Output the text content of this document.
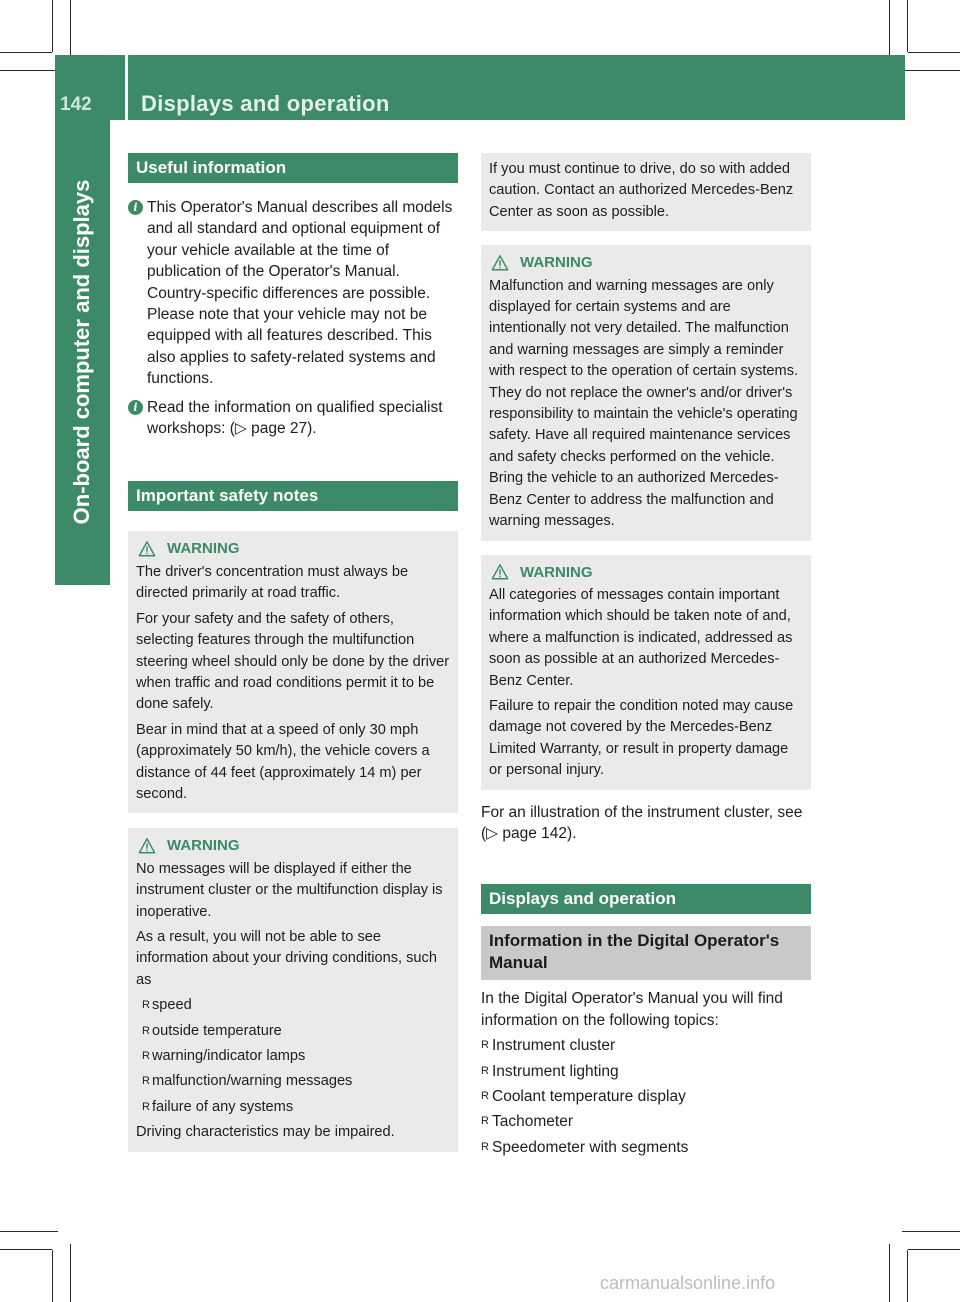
142 Displays and operation
On-board computer and displays
Useful information
i This Operator's Manual describes all models and all standard and optional equipment of your vehicle available at the time of publication of the Operator's Manual. Country-specific differences are possible. Please note that your vehicle may not be equipped with all features described. This also applies to safety-related systems and functions.
i Read the information on qualified specialist workshops: (▷ page 27).
Important safety notes
WARNING

The driver's concentration must always be directed primarily at road traffic.

For your safety and the safety of others, selecting features through the multifunction steering wheel should only be done by the driver when traffic and road conditions permit it to be done safely.

Bear in mind that at a speed of only 30 mph (approximately 50 km/h), the vehicle covers a distance of 44 feet (approximately 14 m) per second.

WARNING

No messages will be displayed if either the instrument cluster or the multifunction display is inoperative.

As a result, you will not be able to see information about your driving conditions, such as

R speed
R outside temperature
R warning/indicator lamps
R malfunction/warning messages
R failure of any systems

Driving characteristics may be impaired.

If you must continue to drive, do so with added caution. Contact an authorized Mercedes-Benz Center as soon as possible.

WARNING

Malfunction and warning messages are only displayed for certain systems and are intentionally not very detailed. The malfunction and warning messages are simply a reminder with respect to the operation of certain systems. They do not replace the owner's and/or driver's responsibility to maintain the vehicle's operating safety. Have all required maintenance services and safety checks performed on the vehicle. Bring the vehicle to an authorized Mercedes-Benz Center to address the malfunction and warning messages.

WARNING

All categories of messages contain important information which should be taken note of and, where a malfunction is indicated, addressed as soon as possible at an authorized Mercedes-Benz Center.

Failure to repair the condition noted may cause damage not covered by the Mercedes-Benz Limited Warranty, or result in property damage or personal injury.

For an illustration of the instrument cluster, see (▷ page 142).

Displays and operation
Information in the Digital Operator's Manual

In the Digital Operator's Manual you will find information on the following topics:

R Instrument cluster
R Instrument lighting
R Coolant temperature display
R Tachometer
R Speedometer with segments
carmanualsonline.info
